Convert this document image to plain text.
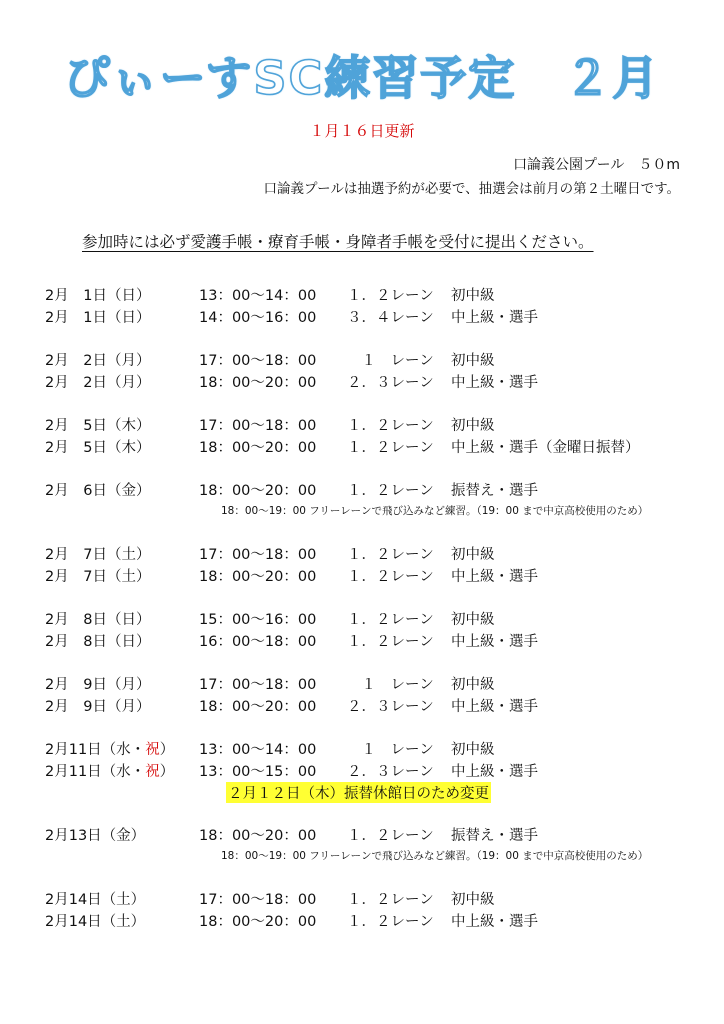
ぴぃーすSC練習予定　２月
１月１６日更新
口論義公園プール　５０m
口論義プールは抽選予約が必要で、抽選会は前月の第２土曜日です。
参加時には必ず愛護手帳・療育手帳・身障者手帳を受付に提出ください。
2月　1日（日）	13：00～14：00 １．２レーン 初中級
2月　1日（日）	14：00～16：00 ３．４レーン 中上級・選手
2月　2日（月）	17：00～18：00 　１　レーン 初中級
2月　2日（月）	18：00～20：00 ２．３レーン 中上級・選手
2月　5日（木）	17：00～18：00 １．２レーン 初中級
2月　5日（木）	18：00～20：00 １．２レーン 中上級・選手（金曜日振替）
2月　6日（金）	18：00～20：00 １．２レーン 振替え・選手
18：00～19：00 フリーレーンで飛び込みなど練習。（19：00 まで中京高校使用のため）
2月　7日（土）	17：00～18：00 １．２レーン 初中級
2月　7日（土）	18：00～20：00 １．２レーン 中上級・選手
2月　8日（日）	15：00～16：00 １．２レーン 初中級
2月　8日（日）	16：00～18：00 １．２レーン 中上級・選手
2月　9日（月）	17：00～18：00 　１　レーン 初中級
2月　9日（月）	18：00～20：00 ２．３レーン 中上級・選手
2月11日（水・祝） 13：00～14：00 　１　レーン 初中級
2月11日（水・祝） 13：00～15：00 ２．３レーン 中上級・選手
２月１２日（木）振替休館日のため変更
2月13日（金）	18：00～20：00 １．２レーン 振替え・選手
18：00～19：00 フリーレーンで飛び込みなど練習。（19：00 まで中京高校使用のため）
2月14日（土）	17：00～18：00 １．２レーン 初中級
2月14日（土）	18：00～20：00 １．２レーン 中上級・選手
